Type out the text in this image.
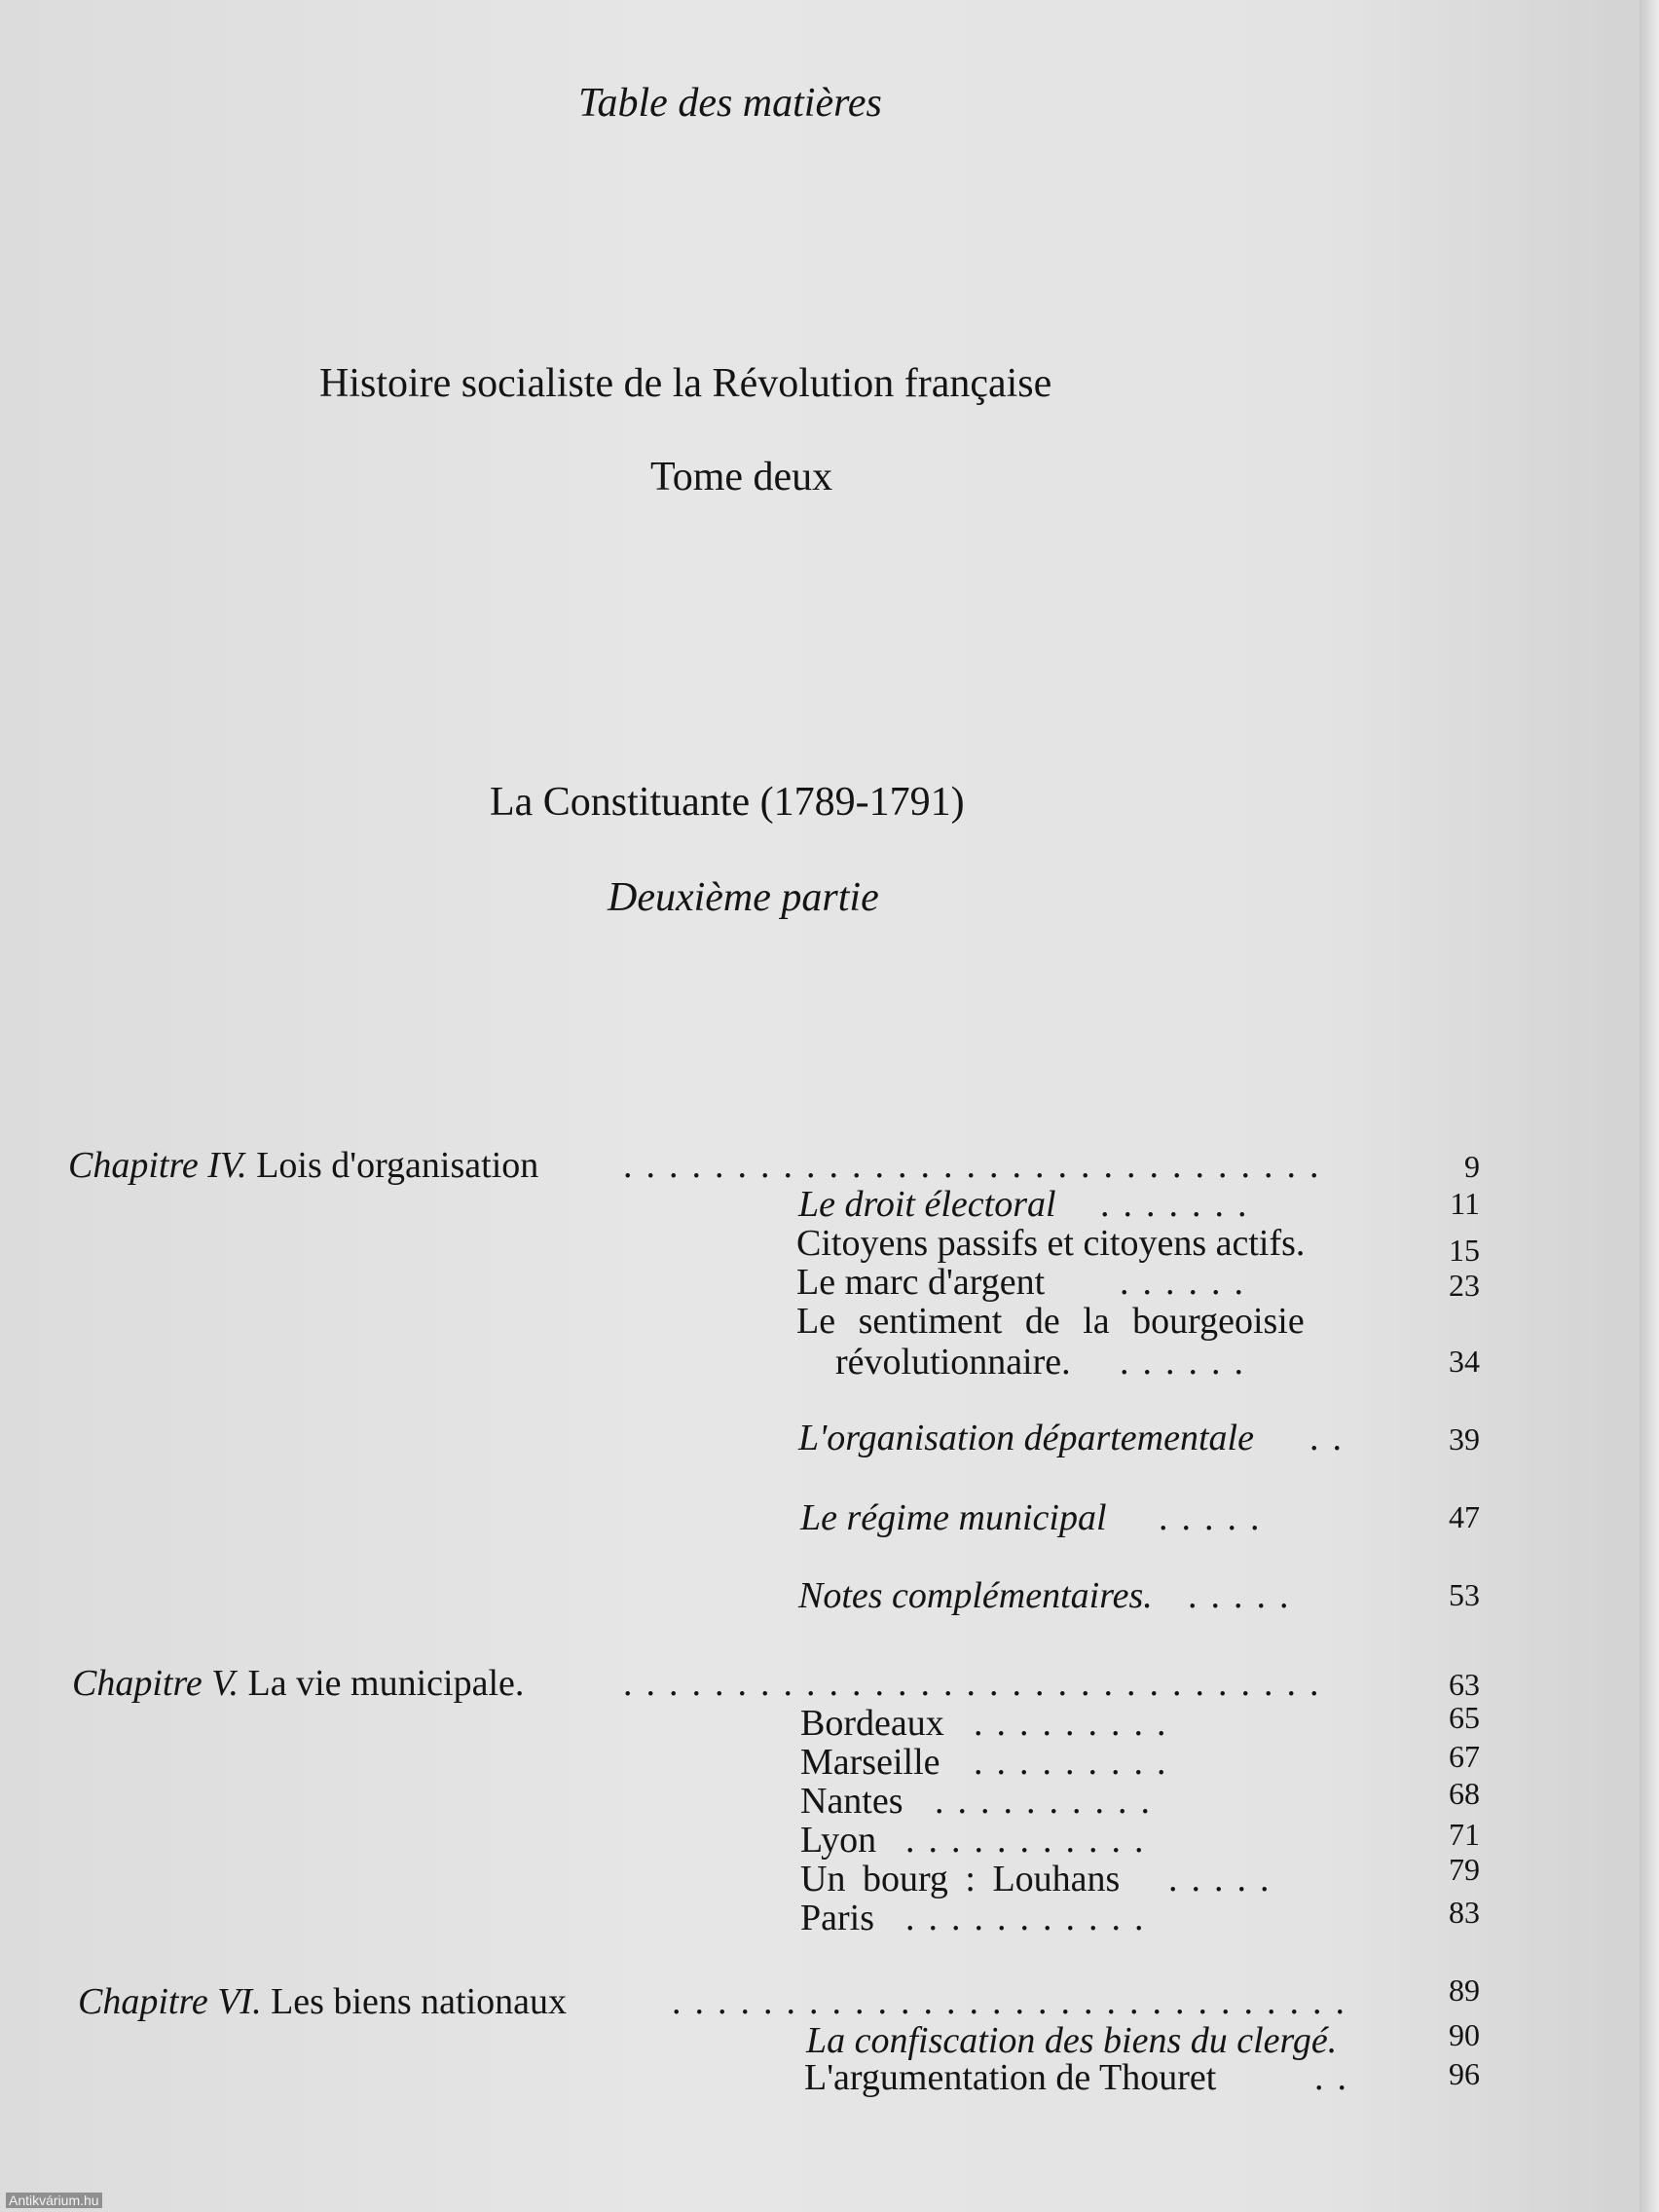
Table des matières
Histoire socialiste de la Révolution française
Tome deux
La Constituante (1789-1791)
Deuxième partie
Chapitre IV. Lois d'organisation ...............................	9
Le droit électoral .......	11
Citoyens passifs et citoyens actifs.	15
Le marc d'argent ......	23
Le sentiment de la bourgeoisie
révolutionnaire. ......	34
L'organisation départementale ..	39
Le régime municipal .....	47
Notes complémentaires. .....	53
Chapitre V. La vie municipale.	...............................	63
Bordeaux .........	65
Marseille .........	67
Nantes ..........	68
Lyon ...........	71
Un bourg : Louhans .....	79
Paris ...........	83
Chapitre VI. Les biens nationaux	..............................	89
La confiscation des biens du clergé.	90
L'argumentation de Thouret	..	96
Antikvárium.hu
